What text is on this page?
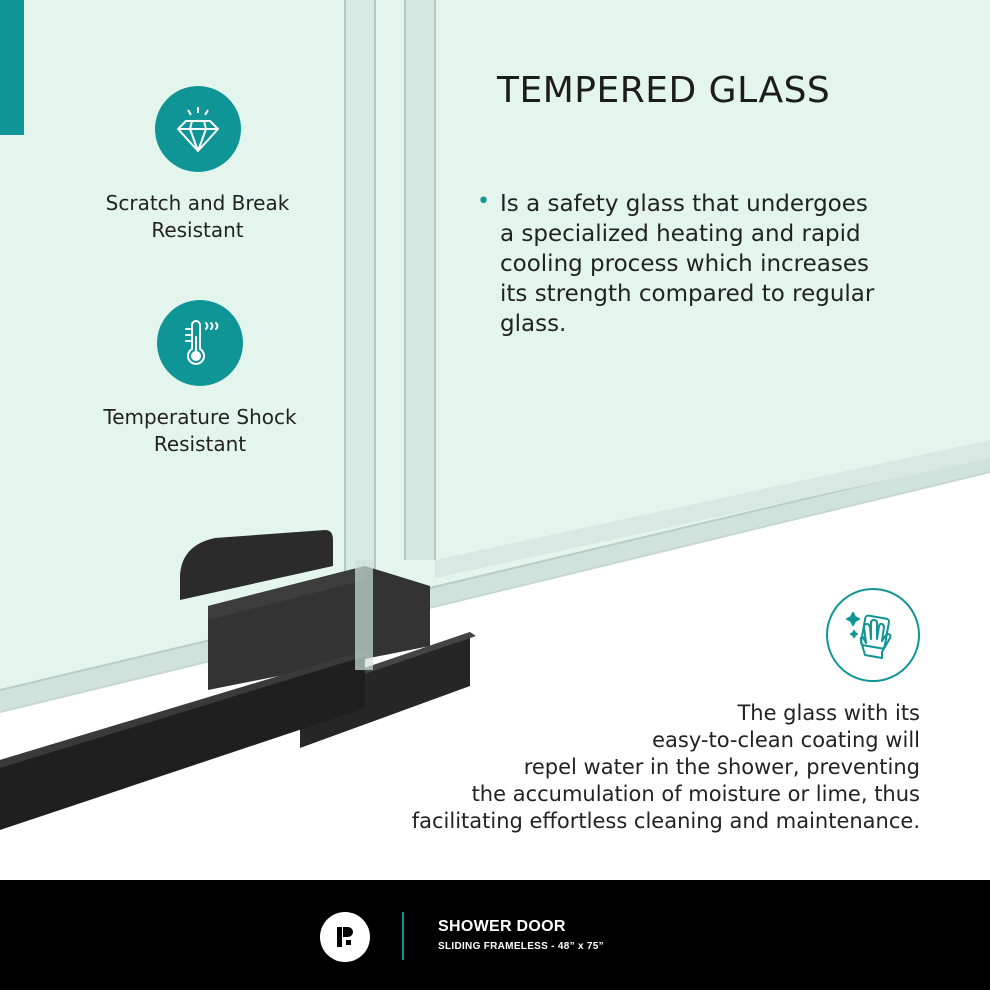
Scratch and Break
Resistant
Temperature Shock
Resistant
TEMPERED GLASS
• Is a safety glass that undergoes
a specialized heating and rapid
cooling process which increases
its strength compared to regular
glass.
The glass with its
easy-to-clean coating will
repel water in the shower, preventing
the accumulation of moisture or lime, thus
facilitating effortless cleaning and maintenance.
SHOWER DOOR
SLIDING FRAMELESS - 48” x 75”
